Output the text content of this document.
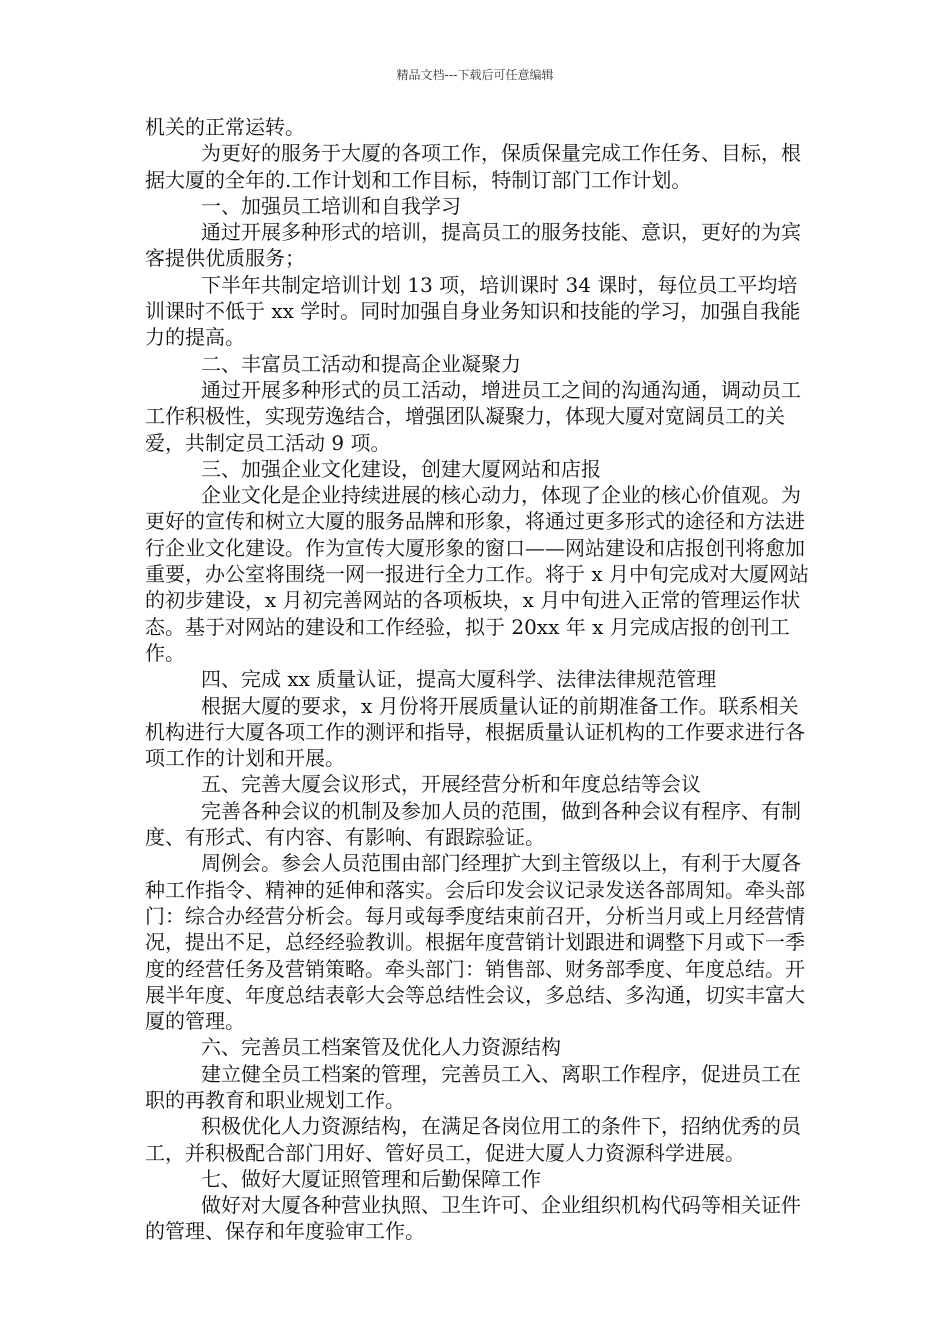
精品文档---下载后可任意编辑

机关的正常运转。

为更好的服务于大厦的各项工作，保质保量完成工作任务、目标，根据大厦的全年的.工作计划和工作目标，特制订部门工作计划。

一、加强员工培训和自我学习

通过开展多种形式的培训，提高员工的服务技能、意识，更好的为宾客提供优质服务；

下半年共制定培训计划 13 项，培训课时 34 课时，每位员工平均培训课时不低于 xx 学时。同时加强自身业务知识和技能的学习，加强自我能力的提高。

二、丰富员工活动和提高企业凝聚力

通过开展多种形式的员工活动，增进员工之间的沟通沟通，调动员工工作积极性，实现劳逸结合，增强团队凝聚力，体现大厦对宽阔员工的关爱，共制定员工活动 9 项。

三、加强企业文化建设，创建大厦网站和店报

企业文化是企业持续进展的核心动力，体现了企业的核心价值观。为更好的宣传和树立大厦的服务品牌和形象，将通过更多形式的途径和方法进行企业文化建设。作为宣传大厦形象的窗口——网站建设和店报创刊将愈加重要，办公室将围绕一网一报进行全力工作。将于 x 月中旬完成对大厦网站的初步建设，x 月初完善网站的各项板块，x 月中旬进入正常的管理运作状态。基于对网站的建设和工作经验，拟于 20xx 年 x 月完成店报的创刊工作。

四、完成 xx 质量认证，提高大厦科学、法律法律规范管理

根据大厦的要求，x 月份将开展质量认证的前期准备工作。联系相关机构进行大厦各项工作的测评和指导，根据质量认证机构的工作要求进行各项工作的计划和开展。

五、完善大厦会议形式，开展经营分析和年度总结等会议

完善各种会议的机制及参加人员的范围，做到各种会议有程序、有制度、有形式、有内容、有影响、有跟踪验证。

周例会。参会人员范围由部门经理扩大到主管级以上，有利于大厦各种工作指令、精神的延伸和落实。会后印发会议记录发送各部周知。牵头部门：综合办经营分析会。每月或每季度结束前召开，分析当月或上月经营情况，提出不足，总经经验教训。根据年度营销计划跟进和调整下月或下一季度的经营任务及营销策略。牵头部门：销售部、财务部季度、年度总结。开展半年度、年度总结表彰大会等总结性会议，多总结、多沟通，切实丰富大厦的管理。

六、完善员工档案管及优化人力资源结构

建立健全员工档案的管理，完善员工入、离职工作程序，促进员工在职的再教育和职业规划工作。

积极优化人力资源结构，在满足各岗位用工的条件下，招纳优秀的员工，并积极配合部门用好、管好员工，促进大厦人力资源科学进展。

七、做好大厦证照管理和后勤保障工作

做好对大厦各种营业执照、卫生许可、企业组织机构代码等相关证件的管理、保存和年度验审工作。
